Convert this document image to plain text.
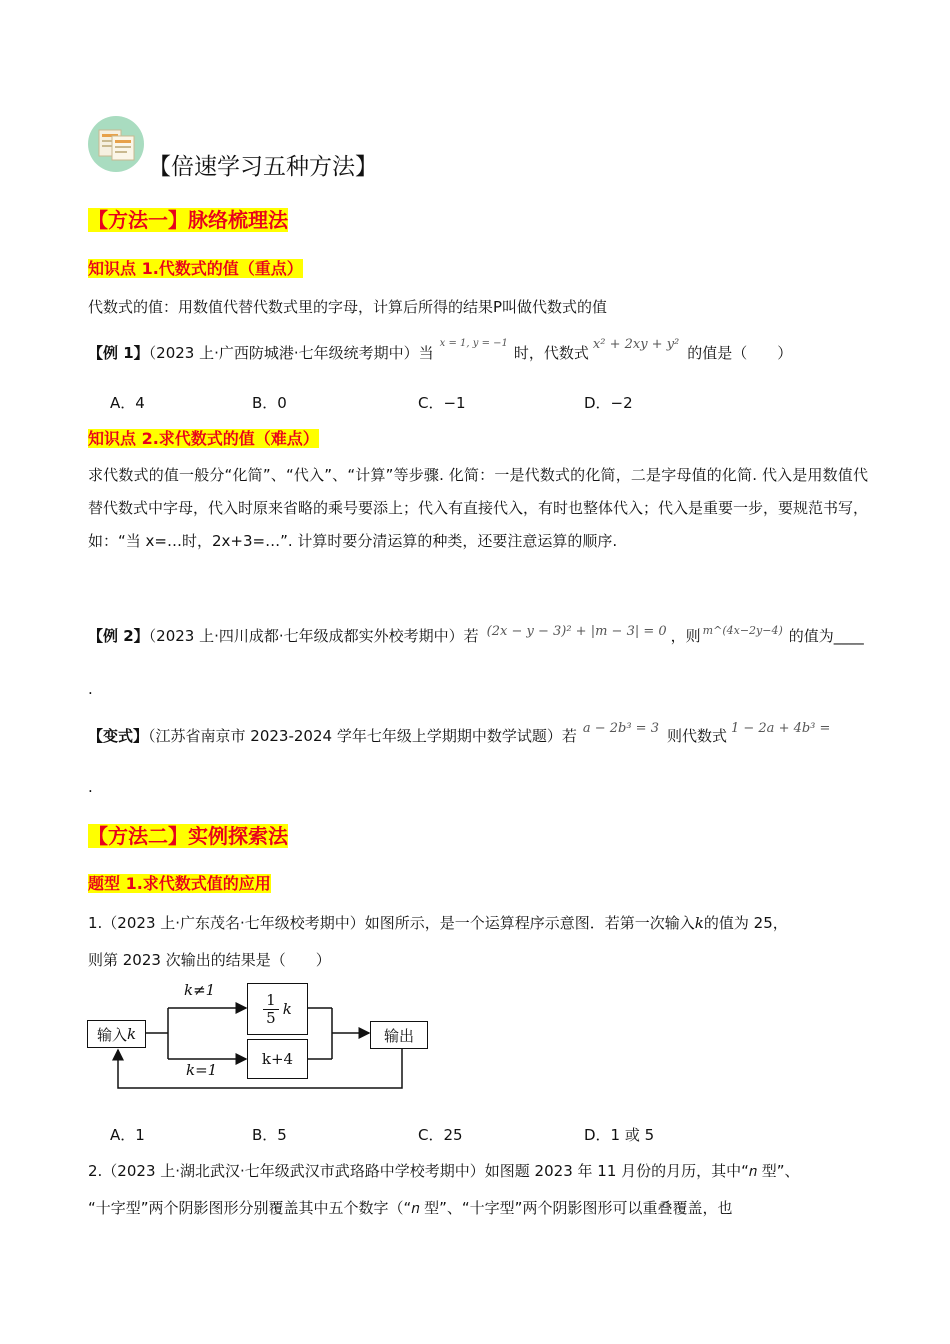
【倍速学习五种方法】
【方法一】脉络梳理法
知识点 1.代数式的值（重点）
代数式的值：用数值代替代数式里的字母，计算后所得的结果P叫做代数式的值
【例 1】（2023 上·广西防城港·七年级统考期中）当$^{x = 1, y = -1}$时，代数式 x² + 2xy + y² 的值是（　　）
A．4	B．0	C．−1	D．−2
知识点 2.求代数式的值（难点）
求代数式的值一般分“化简”、“代入”、“计算”等步骤. 化简：一是代数式的化简，二是字母值的化简. 代入是用数值代替代数式中字母，代入时原来省略的乘号要添上；代入有直接代入，有时也整体代入；代入是重要一步，要规范书写，如：“当 x=…时，2x+3=…”. 计算时要分清运算的种类，还要注意运算的顺序.
【例 2】（2023 上·四川成都·七年级成都实外校考期中）若 (2x − y − 3)² + |m − 3| = 0 ，则 $^{m\^{}(4x-2y-4)}$ 的值为____
.
【变式】（江苏省南京市 2023-2024 学年七年级上学期期中数学试题）若 a − 2b³ = 3 则代数式 1 − 2a + 4b³ =
.
【方法二】实例探索法
题型 1.求代数式值的应用
1.（2023 上·广东茂名·七年级校考期中）如图所示，是一个运算程序示意图．若第一次输入k的值为 25，
则第 2023 次输出的结果是（　　）
输入 k
k≠1
k=1
$\frac{1}{5}$ k
k+4
输出
A．1	B．5	C．25	D．1 或 5
2.（2023 上·湖北武汉·七年级武汉市武珞路中学校考期中）如图题 2023 年 11 月份的月历，其中“𝑛 型”、
“十字型”两个阴影图形分别覆盖其中五个数字（“𝑛 型”、“十字型”两个阴影图形可以重叠覆盖，也
